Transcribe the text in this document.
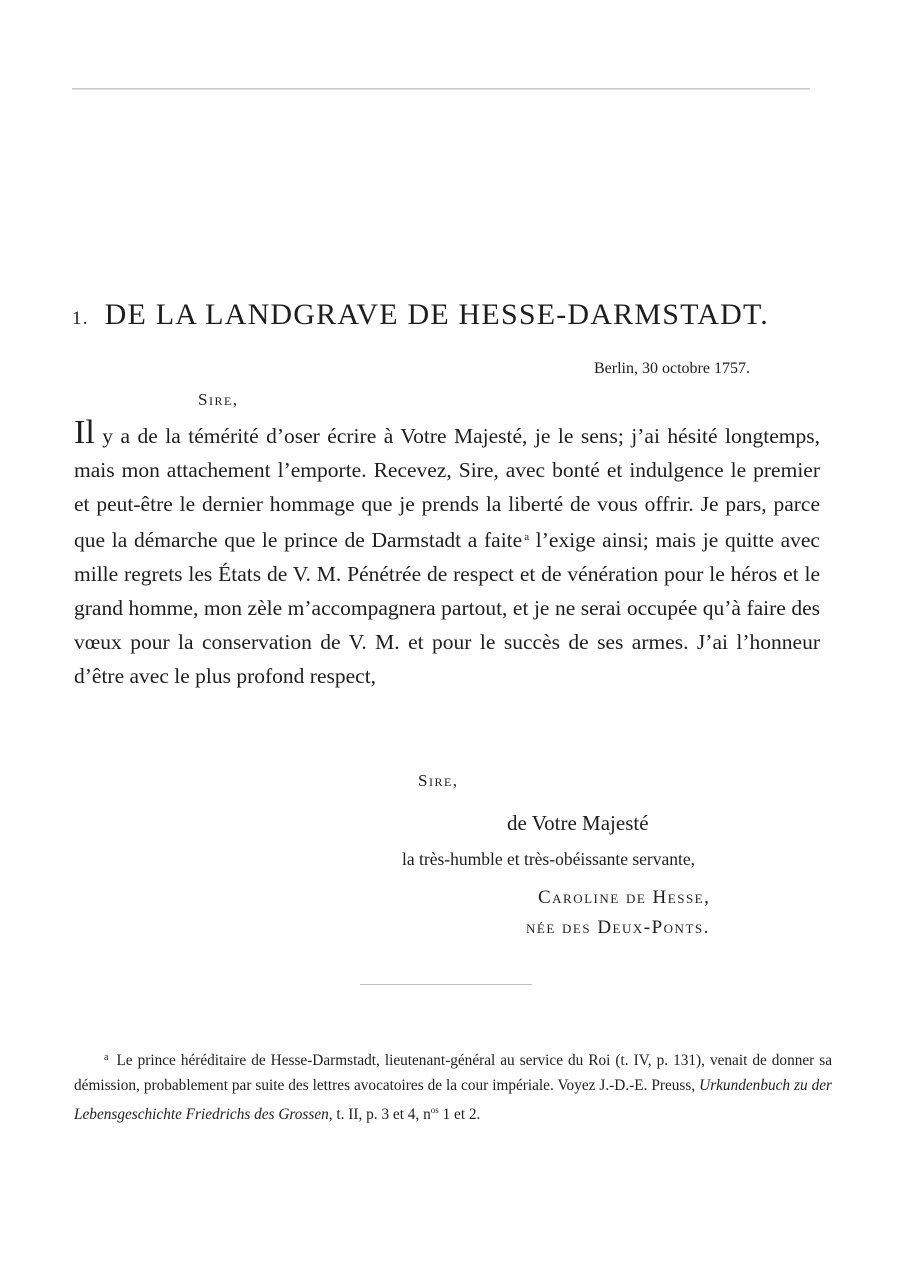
1. DE LA LANDGRAVE DE HESSE-DARMSTADT.
Berlin, 30 octobre 1757.
Sire,
Il y a de la témérité d’oser écrire à Votre Majesté, je le sens; j’ai hésité longtemps, mais mon attachement l’emporte. Recevez, Sire, avec bonté et indulgence le premier et peut-être le dernier hommage que je prends la liberté de vous offrir. Je pars, parce que la démarche que le prince de Darmstadt a faite $^a$ l’exige ainsi; mais je quitte avec mille regrets les États de V. M. Pénétrée de respect et de vénération pour le héros et le grand homme, mon zèle m’accompagnera partout, et je ne serai occupée qu’à faire des vœux pour la conservation de V. M. et pour le succès de ses armes. J’ai l’honneur d’être avec le plus profond respect,
Sire,
de Votre Majesté
la très-humble et très-obéissante servante,
Caroline de Hesse,
née des Deux-Ponts.
$^a$ Le prince héréditaire de Hesse-Darmstadt, lieutenant-général au service du Roi (t. IV, p. 131), venait de donner sa démission, probablement par suite des lettres avocatoires de la cour impériale. Voyez J.-D.-E. Preuss, Urkundenbuch zu der Lebensgeschichte Friedrichs des Grossen, t. II, p. 3 et 4, $n^{os}$ 1 et 2.
